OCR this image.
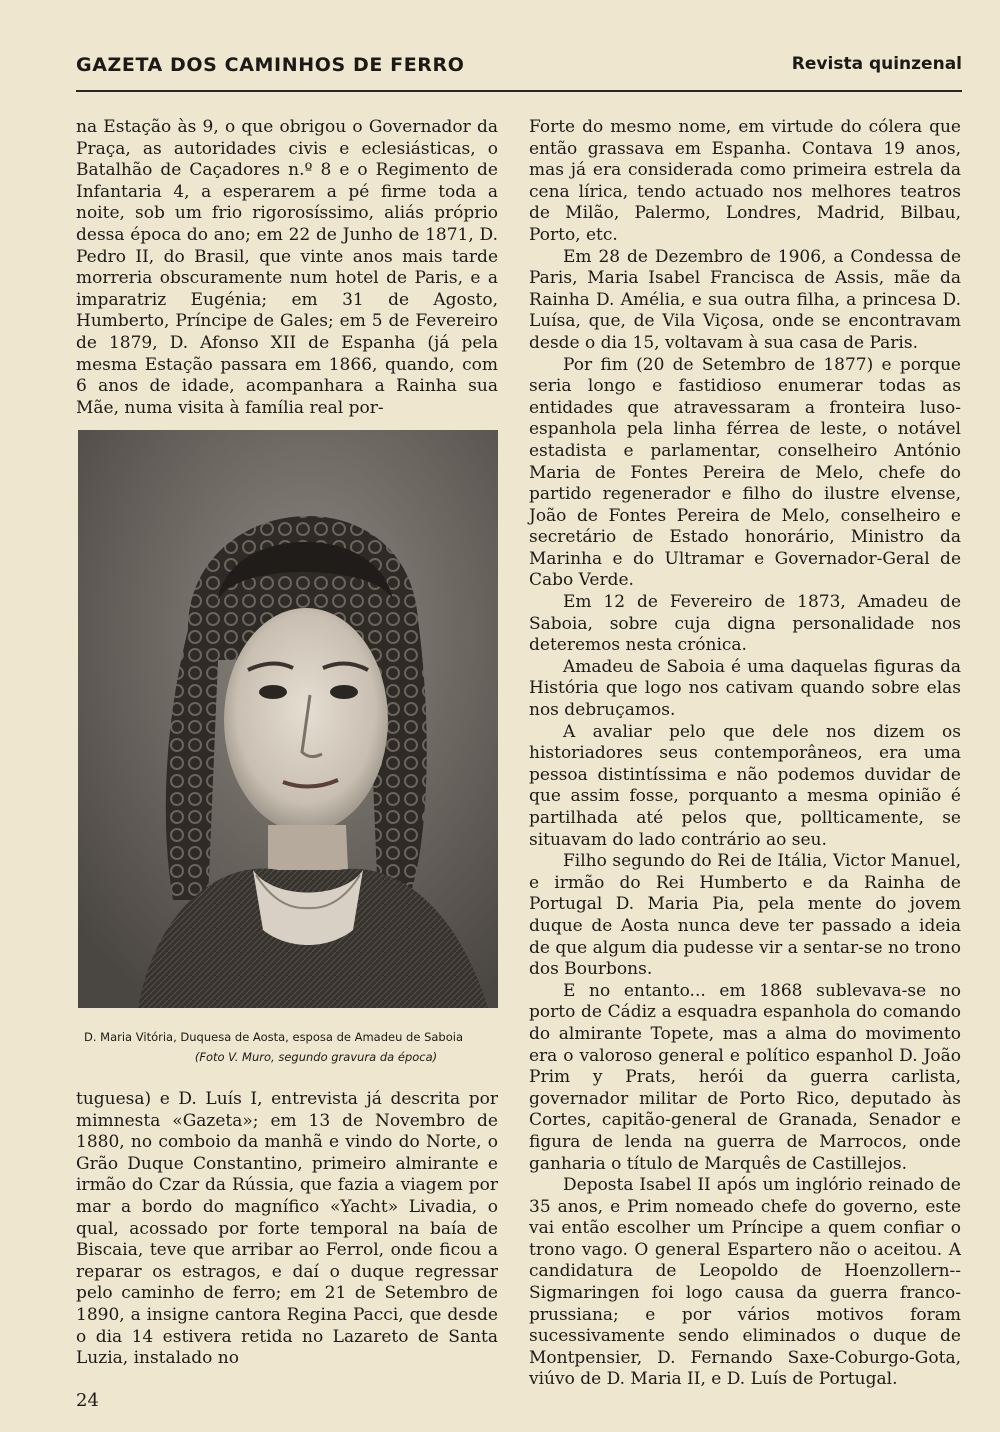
GAZETA DOS CAMINHOS DE FERRO	Revista quinzenal

na Estação às 9, o que obrigou o Governador da Praça, as autoridades civis e eclesiásticas, o Batalhão de Caçadores n.º 8 e o Regimento de Infantaria 4, a esperarem a pé firme toda a noite, sob um frio rigorosíssimo, aliás próprio dessa época do ano; em 22 de Junho de 1871, D. Pedro II, do Brasil, que vinte anos mais tarde morreria obscuramente num hotel de Paris, e a imparatriz Eugénia; em 31 de Agosto, Humberto, Príncipe de Gales; em 5 de Fevereiro de 1879, D. Afonso XII de Espanha (já pela mesma Estação passara em 1866, quando, com 6 anos de idade, acompanhara a Rainha sua Mãe, numa visita à família real por-

D. Maria Vitória, Duquesa de Aosta, esposa de Amadeu de Saboia
(Foto V. Muro, segundo gravura da época)

tuguesa) e D. Luís I, entrevista já descrita por mimnesta «Gazeta»; em 13 de Novembro de 1880, no comboio da manhã e vindo do Norte, o Grão Duque Constantino, primeiro almirante e irmão do Czar da Rússia, que fazia a viagem por mar a bordo do magnífico «Yacht» Livadia, o qual, acossado por forte temporal na baía de Biscaia, teve que arribar ao Ferrol, onde ficou a reparar os estragos, e daí o duque regressar pelo caminho de ferro; em 21 de Setembro de 1890, a insigne cantora Regina Pacci, que desde o dia 14 estivera retida no Lazareto de Santa Luzia, instalado no

Forte do mesmo nome, em virtude do cólera que então grassava em Espanha. Contava 19 anos, mas já era considerada como primeira estrela da cena lírica, tendo actuado nos melhores teatros de Milão, Palermo, Londres, Madrid, Bilbau, Porto, etc.

Em 28 de Dezembro de 1906, a Condessa de Paris, Maria Isabel Francisca de Assis, mãe da Rainha D. Amélia, e sua outra filha, a princesa D. Luísa, que, de Vila Viçosa, onde se encontravam desde o dia 15, voltavam à sua casa de Paris.

Por fim (20 de Setembro de 1877) e porque seria longo e fastidioso enumerar todas as entidades que atravessaram a fronteira luso-espanhola pela linha férrea de leste, o notável estadista e parlamentar, conselheiro António Maria de Fontes Pereira de Melo, chefe do partido regenerador e filho do ilustre elvense, João de Fontes Pereira de Melo, conselheiro e secretário de Estado honorário, Ministro da Marinha e do Ultramar e Governador-Geral de Cabo Verde.

Em 12 de Fevereiro de 1873, Amadeu de Saboia, sobre cuja digna personalidade nos deteremos nesta crónica.

Amadeu de Saboia é uma daquelas figuras da História que logo nos cativam quando sobre elas nos debruçamos.

A avaliar pelo que dele nos dizem os historiadores seus contemporâneos, era uma pessoa distintíssima e não podemos duvidar de que assim fosse, porquanto a mesma opinião é partilhada até pelos que, pollticamente, se situavam do lado contrário ao seu.

Filho segundo do Rei de Itália, Victor Manuel, e irmão do Rei Humberto e da Rainha de Portugal D. Maria Pia, pela mente do jovem duque de Aosta nunca deve ter passado a ideia de que algum dia pudesse vir a sentar-se no trono dos Bourbons.

E no entanto... em 1868 sublevava-se no porto de Cádiz a esquadra espanhola do comando do almirante Topete, mas a alma do movimento era o valoroso general e político espanhol D. João Prim y Prats, herói da guerra carlista, governador militar de Porto Rico, deputado às Cortes, capitão-general de Granada, Senador e figura de lenda na guerra de Marrocos, onde ganharia o título de Marquês de Castillejos.

Deposta Isabel II após um inglório reinado de 35 anos, e Prim nomeado chefe do governo, este vai então escolher um Príncipe a quem confiar o trono vago. O general Espartero não o aceitou. A candidatura de Leopoldo de Hoenzollern--Sigmaringen foi logo causa da guerra franco-prussiana; e por vários motivos foram sucessivamente sendo eliminados o duque de Montpensier, D. Fernando Saxe-Coburgo-Gota, viúvo de D. Maria II, e D. Luís de Portugal.

24
